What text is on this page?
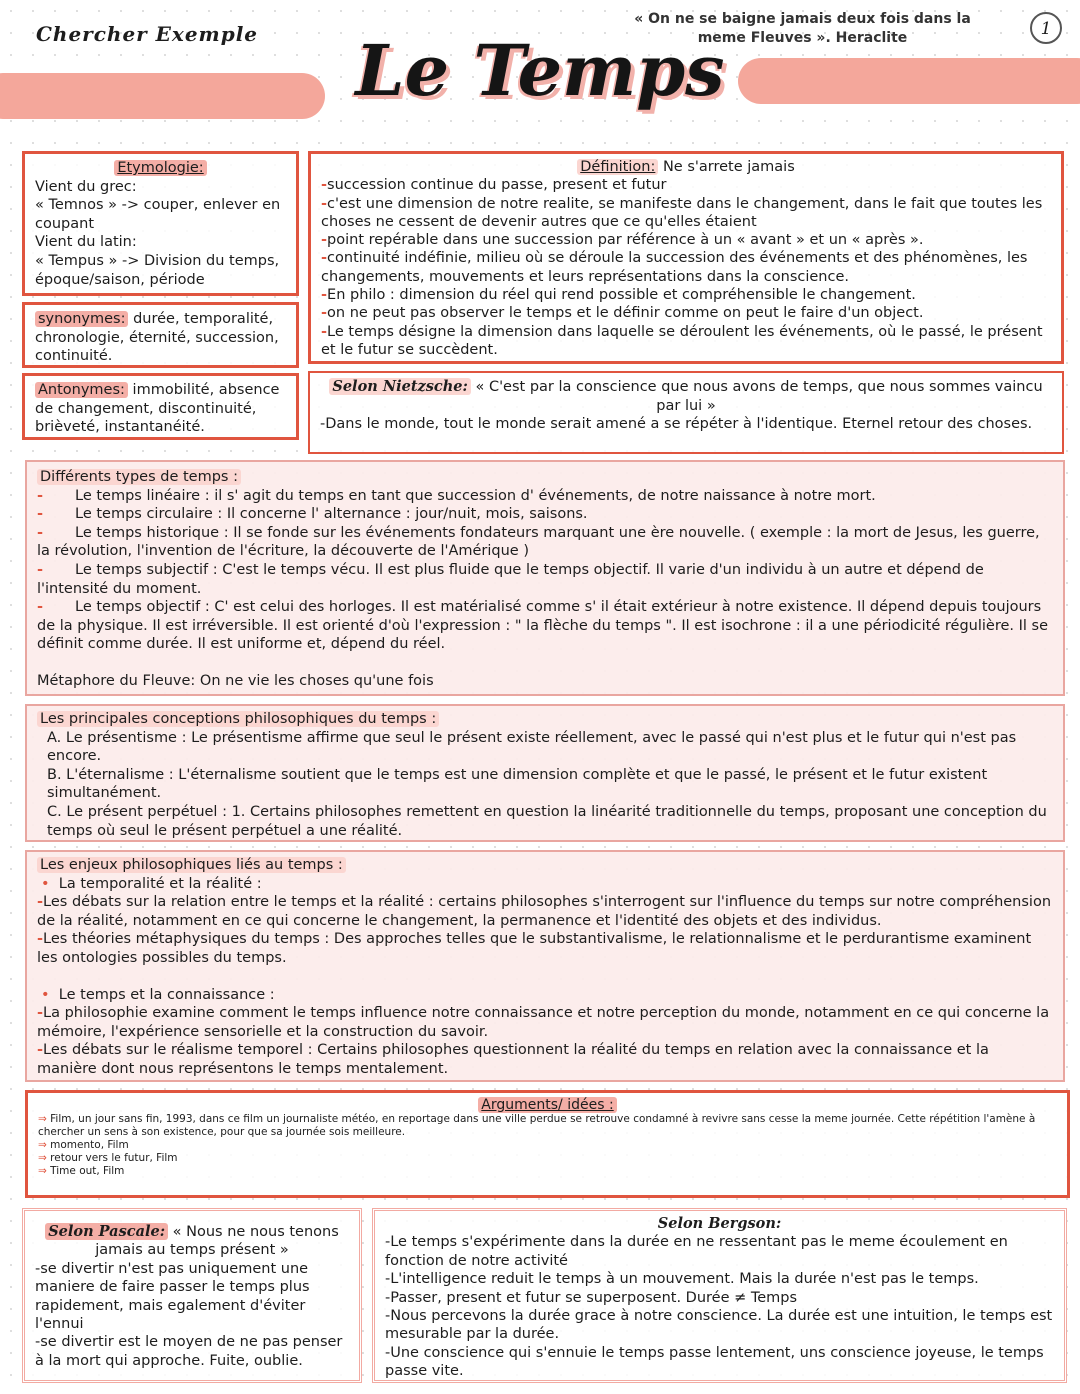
Chercher Exemple Le Temps
« On ne se baigne jamais deux fois dans la meme Fleuves ». Heraclite	1

Etymologie:

Vient du grec:

« Temnos » -> couper, enlever en coupant

Vient du latin:

« Tempus » -> Division du temps, époque/saison, période

synonymes: durée, temporalité, chronologie, éternité, succession, continuité.
Antonymes: immobilité, absence de changement, discontinuité, brièveté, instantanéité.

Définition: Ne s'arrete jamais

-succession continue du passe, present et futur

-c'est une dimension de notre realite, se manifeste dans le changement, dans le fait que toutes les choses ne cessent de devenir autres que ce qu'elles étaient

-point repérable dans une succession par référence à un « avant » et un « après ».

-continuité indéfinie, milieu où se déroule la succession des événements et des phénomènes, les changements, mouvements et leurs représentations dans la conscience.

-En philo : dimension du réel qui rend possible et compréhensible le changement.

-on ne peut pas observer le temps et le définir comme on peut le faire d'un object.

-Le temps désigne la dimension dans laquelle se déroulent les événements, où le passé, le présent et le futur se succèdent.

Selon Nietzsche: « C'est par la conscience que nous avons de temps, que nous sommes vaincu par lui »

-Dans le monde, tout le monde serait amené a se répéter à l'identique. Eternel retour des choses.

Différents types de temps :

- Le temps linéaire : il s' agit du temps en tant que succession d' événements, de notre naissance à notre mort.

- Le temps circulaire : Il concerne l' alternance : jour/nuit, mois, saisons.

- Le temps historique : Il se fonde sur les événements fondateurs marquant une ère nouvelle. ( exemple : la mort de Jesus, les guerre, la révolution, l'invention de l'écriture, la découverte de l'Amérique )

- Le temps subjectif : C'est le temps vécu. Il est plus fluide que le temps objectif. Il varie d'un individu à un autre et dépend de l'intensité du moment.

- Le temps objectif : C' est celui des horloges. Il est matérialisé comme s' il était extérieur à notre existence. Il dépend depuis toujours de la physique. Il est irréversible. Il est orienté d'où l'expression : " la flèche du temps ". Il est isochrone : il a une périodicité régulière. Il se définit comme durée. Il est uniforme et, dépend du réel.

Métaphore du Fleuve: On ne vie les choses qu'une fois

Les principales conceptions philosophiques du temps :

A. Le présentisme : Le présentisme affirme que seul le présent existe réellement, avec le passé qui n'est plus et le futur qui n'est pas encore.

B. L'éternalisme : L'éternalisme soutient que le temps est une dimension complète et que le passé, le présent et le futur existent simultanément.

C. Le présent perpétuel : 1. Certains philosophes remettent en question la linéarité traditionnelle du temps, proposant une conception du temps où seul le présent perpétuel a une réalité.

Les enjeux philosophiques liés au temps :

• La temporalité et la réalité :

-Les débats sur la relation entre le temps et la réalité : certains philosophes s'interrogent sur l'influence du temps sur notre compréhension de la réalité, notamment en ce qui concerne le changement, la permanence et l'identité des objets et des individus.

-Les théories métaphysiques du temps : Des approches telles que le substantivalisme, le relationnalisme et le perdurantisme examinent les ontologies possibles du temps.

• Le temps et la connaissance :

-La philosophie examine comment le temps influence notre connaissance et notre perception du monde, notamment en ce qui concerne la mémoire, l'expérience sensorielle et la construction du savoir.

-Les débats sur le réalisme temporel : Certains philosophes questionnent la réalité du temps en relation avec la connaissance et la manière dont nous représentons le temps mentalement.

Arguments/ idées :

⇒ Film, un jour sans fin, 1993, dans ce film un journaliste météo, en reportage dans une ville perdue se retrouve condamné à revivre sans cesse la meme journée. Cette répétition l'amène à chercher un sens à son existence, pour que sa journée sois meilleure.

⇒ momento, Film

⇒ retour vers le futur, Film

⇒ Time out, Film

Selon Pascale: « Nous ne nous tenons jamais au temps présent »

-se divertir n'est pas uniquement une maniere de faire passer le temps plus rapidement, mais egalement d'éviter l'ennui

-se divertir est le moyen de ne pas penser à la mort qui approche. Fuite, oublie.

Selon Bergson:

-Le temps s'expérimente dans la durée en ne ressentant pas le meme écoulement en fonction de notre activité

-L'intelligence reduit le temps à un mouvement. Mais la durée n'est pas le temps.

-Passer, present et futur se superposent. Durée ≠ Temps

-Nous percevons la durée grace à notre conscience. La durée est une intuition, le temps est mesurable par la durée.

-Une conscience qui s'ennuie le temps passe lentement, uns conscience joyeuse, le temps passe vite.
